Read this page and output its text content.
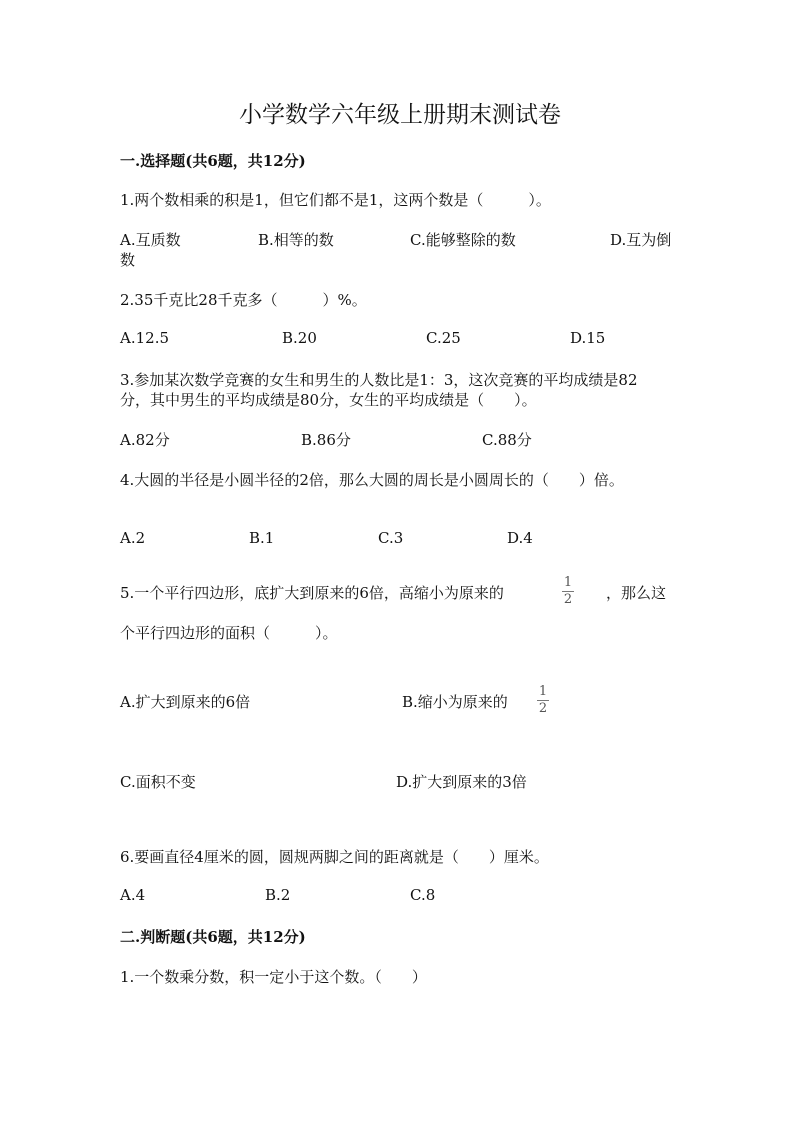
小学数学六年级上册期末测试卷
一.选择题(共6题，共12分)
1.两个数相乘的积是1，但它们都不是1，这两个数是（　　　）。
A.互质数	B.相等的数	C.能够整除的数	D.互为倒
数
2.35千克比28千克多（　　　）%。
A.12.5	B.20	C.25	D.15
3.参加某次数学竞赛的女生和男生的人数比是1：3，这次竞赛的平均成绩是82
分，其中男生的平均成绩是80分，女生的平均成绩是（　　）。
A.82分	B.86分	C.88分
4.大圆的半径是小圆半径的2倍，那么大圆的周长是小圆周长的（　　）倍。
A.2	B.1	C.3	D.4
5.一个平行四边形，底扩大到原来的6倍，高缩小为原来的
1
2 ，那么这
个平行四边形的面积（　　　）。
A.扩大到原来的6倍	B.缩小为原来的
1
2
C.面积不变	D.扩大到原来的3倍
6.要画直径4厘米的圆，圆规两脚之间的距离就是（　　）厘米。
A.4	B.2	C.8
二.判断题(共6题，共12分)
1.一个数乘分数，积一定小于这个数。（　　）
